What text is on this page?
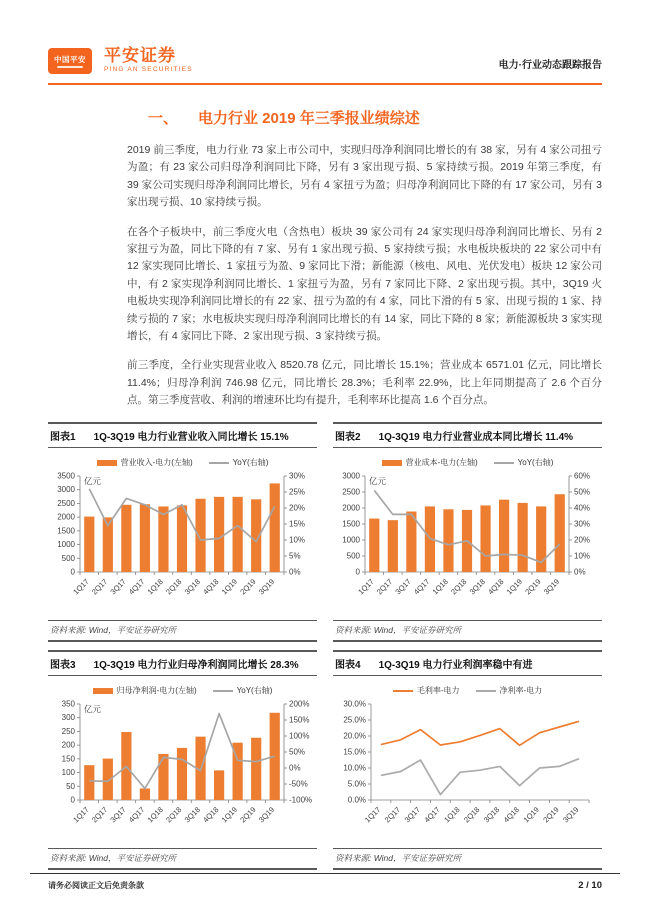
中国平安 平安证券
PING AN SECURITIES	电力·行业动态跟踪报告
一、 电力行业 2019 年三季报业绩综述

2019 前三季度，电力行业 73 家上市公司中，实现归母净利润同比增长的有 38 家，另有 4 家公司扭亏为盈；有 23 家公司归母净利润同比下降，另有 3 家出现亏损、5 家持续亏损。2019 年第三季度，有 39 家公司实现归母净利润同比增长，另有 4 家扭亏为盈；归母净利润同比下降的有 17 家公司，另有 3 家出现亏损、10 家持续亏损。

在各个子板块中，前三季度火电（含热电）板块 39 家公司有 24 家实现归母净利润同比增长、另有 2 家扭亏为盈，同比下降的有 7 家、另有 1 家出现亏损、5 家持续亏损；水电板块板块的 22 家公司中有 12 家实现同比增长、1 家扭亏为盈、9 家同比下滑；新能源（核电、风电、光伏发电）板块 12 家公司中，有 2 家实现净利润同比增长、1 家扭亏为盈，另有 7 家同比下降、2 家出现亏损。其中，3Q19 火电板块实现净利润同比增长的有 22 家、扭亏为盈的有 4 家，同比下滑的有 5 家、出现亏损的 1 家、持续亏损的 7 家；水电板块实现归母净利润同比增长的有 14 家，同比下降的 8 家；新能源板块 3 家实现增长，有 4 家同比下降、2 家出现亏损、3 家持续亏损。

前三季度，全行业实现营业收入 8520.78 亿元，同比增长 15.1%；营业成本 6571.01 亿元，同比增长 11.4%；归母净利润 746.98 亿元，同比增长 28.3%；毛利率 22.9%，比上年同期提高了 2.6 个百分点。第三季度营收、利润的增速环比均有提升，毛利率环比提高 1.6 个百分点。

图表1 1Q-3Q19 电力行业营业收入同比增长 15.1%
营业收入-电力(左轴)	YoY(右轴)
0
500
1000
1500
2000
2500
3000
3500
0%
5%
10%
15%
20%
25%
30%
亿元
1Q17 2Q17 3Q17 4Q17 1Q18 2Q18 3Q18 4Q18 1Q19 2Q19 3Q19
资料来源: Wind，平安证券研究所
图表2 1Q-3Q19 电力行业营业成本同比增长 11.4%
营业成本-电力(左轴)	YoY(右轴)
0
500
1000
1500
2000
2500
3000
0%
10%
20%
30%
40%
50%
60%
亿元
1Q17 2Q17 3Q17 4Q17 1Q18 2Q18 3Q18 4Q18 1Q19 2Q19 3Q19
资料来源: Wind，平安证券研究所
图表3 1Q-3Q19 电力行业归母净利润同比增长 28.3%
归母净利润-电力(左轴)	YoY(右轴)
0
50
100
150
200
250
300
350
-100%
-50%
0%
50%
100%
150%
200%
亿元
1Q17 2Q17 3Q17 4Q17 1Q18 2Q18 3Q18 4Q18 1Q19 2Q19 3Q19
资料来源: Wind，平安证券研究所
图表4 1Q-3Q19 电力行业利润率稳中有进
毛利率-电力	净利率-电力
0.0%
5.0%
10.0%
15.0%
20.0%
25.0%
30.0%
1Q17 2Q17 3Q17 4Q17 1Q18 2Q18 3Q18 4Q18 1Q19 2Q19 3Q19
资料来源: Wind，平安证券研究所
请务必阅读正文后免责条款	2 / 10
